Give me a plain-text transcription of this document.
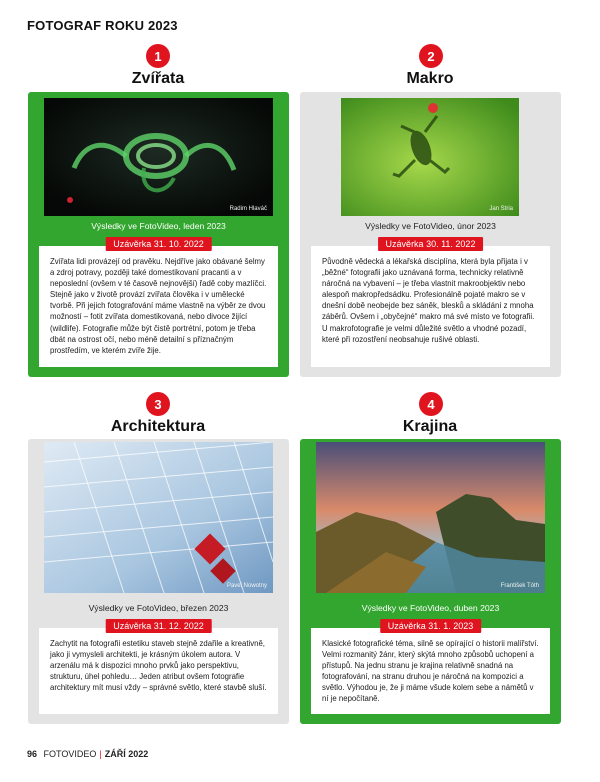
FOTOGRAF ROKU 2023
1
Zvířata
Radim Hlaváč
Výsledky ve FotoVideo, leden 2023
Uzávěrka 31. 10. 2022
Zvířata lidi provázejí od pravěku. Nejdříve jako obávané šelmy a zdroj potravy, později také domestikovaní pracanti a v neposlední (ovšem v té časově nejnovější) řadě coby mazlíčci. Stejně jako v životě provází zvířata člověka i v umělecké tvorbě. Při jejich fotografování máme vlastně na výběr ze dvou možností – fotit zvířata domestikovaná, nebo divoce žijící (wildlife). Fotografie může být čistě portrétní, potom je třeba dbát na ostrost očí, nebo méně detailní s příznačným prostředím, ve kterém zvíře žije.
2
Makro
Jan Stria
Výsledky ve FotoVideo, únor 2023
Uzávěrka 30. 11. 2022
Původně vědecká a lékařská disciplína, která byla přijata i v „běžné“ fotografii jako uznávaná forma, technicky relativně náročná na vybavení – je třeba vlastnit makroobjektiv nebo alespoň makropředsádku. Profesionálně pojaté makro se v dnešní době neobejde bez sáněk, blesků a skládání z mnoha záběrů. Ovšem i „obyčejné“ makro má své místo ve fotografii. U makrofotografie je velmi důležité světlo a vhodné pozadí, které při rozostření neobsahuje rušivé oblasti.
3
Architektura
Pavel Nowotny
Výsledky ve FotoVideo, březen 2023
Uzávěrka 31. 12. 2022
Zachytit na fotografii estetiku staveb stejně zdařile a kreativně, jako ji vymysleli architekti, je krásným úkolem autora. V arzenálu má k dispozici mnoho prvků jako perspektivu, strukturu, úhel pohledu… Jeden atribut ovšem fotografie architektury mít musí vždy – správné světlo, které stavbě sluší.
4
Krajina
František Tóth
Výsledky ve FotoVideo, duben 2023
Uzávěrka 31. 1. 2023
Klasické fotografické téma, silně se opírající o historii malířství. Velmi rozmanitý žánr, který skýtá mnoho způsobů uchopení a přístupů. Na jednu stranu je krajina relativně snadná na fotografování, na stranu druhou je náročná na kompozici a světlo. Výhodou je, že ji máme všude kolem sebe a námětů v ní je nepočítaně.
96 FOTOVIDEO | ZÁŘÍ 2022
